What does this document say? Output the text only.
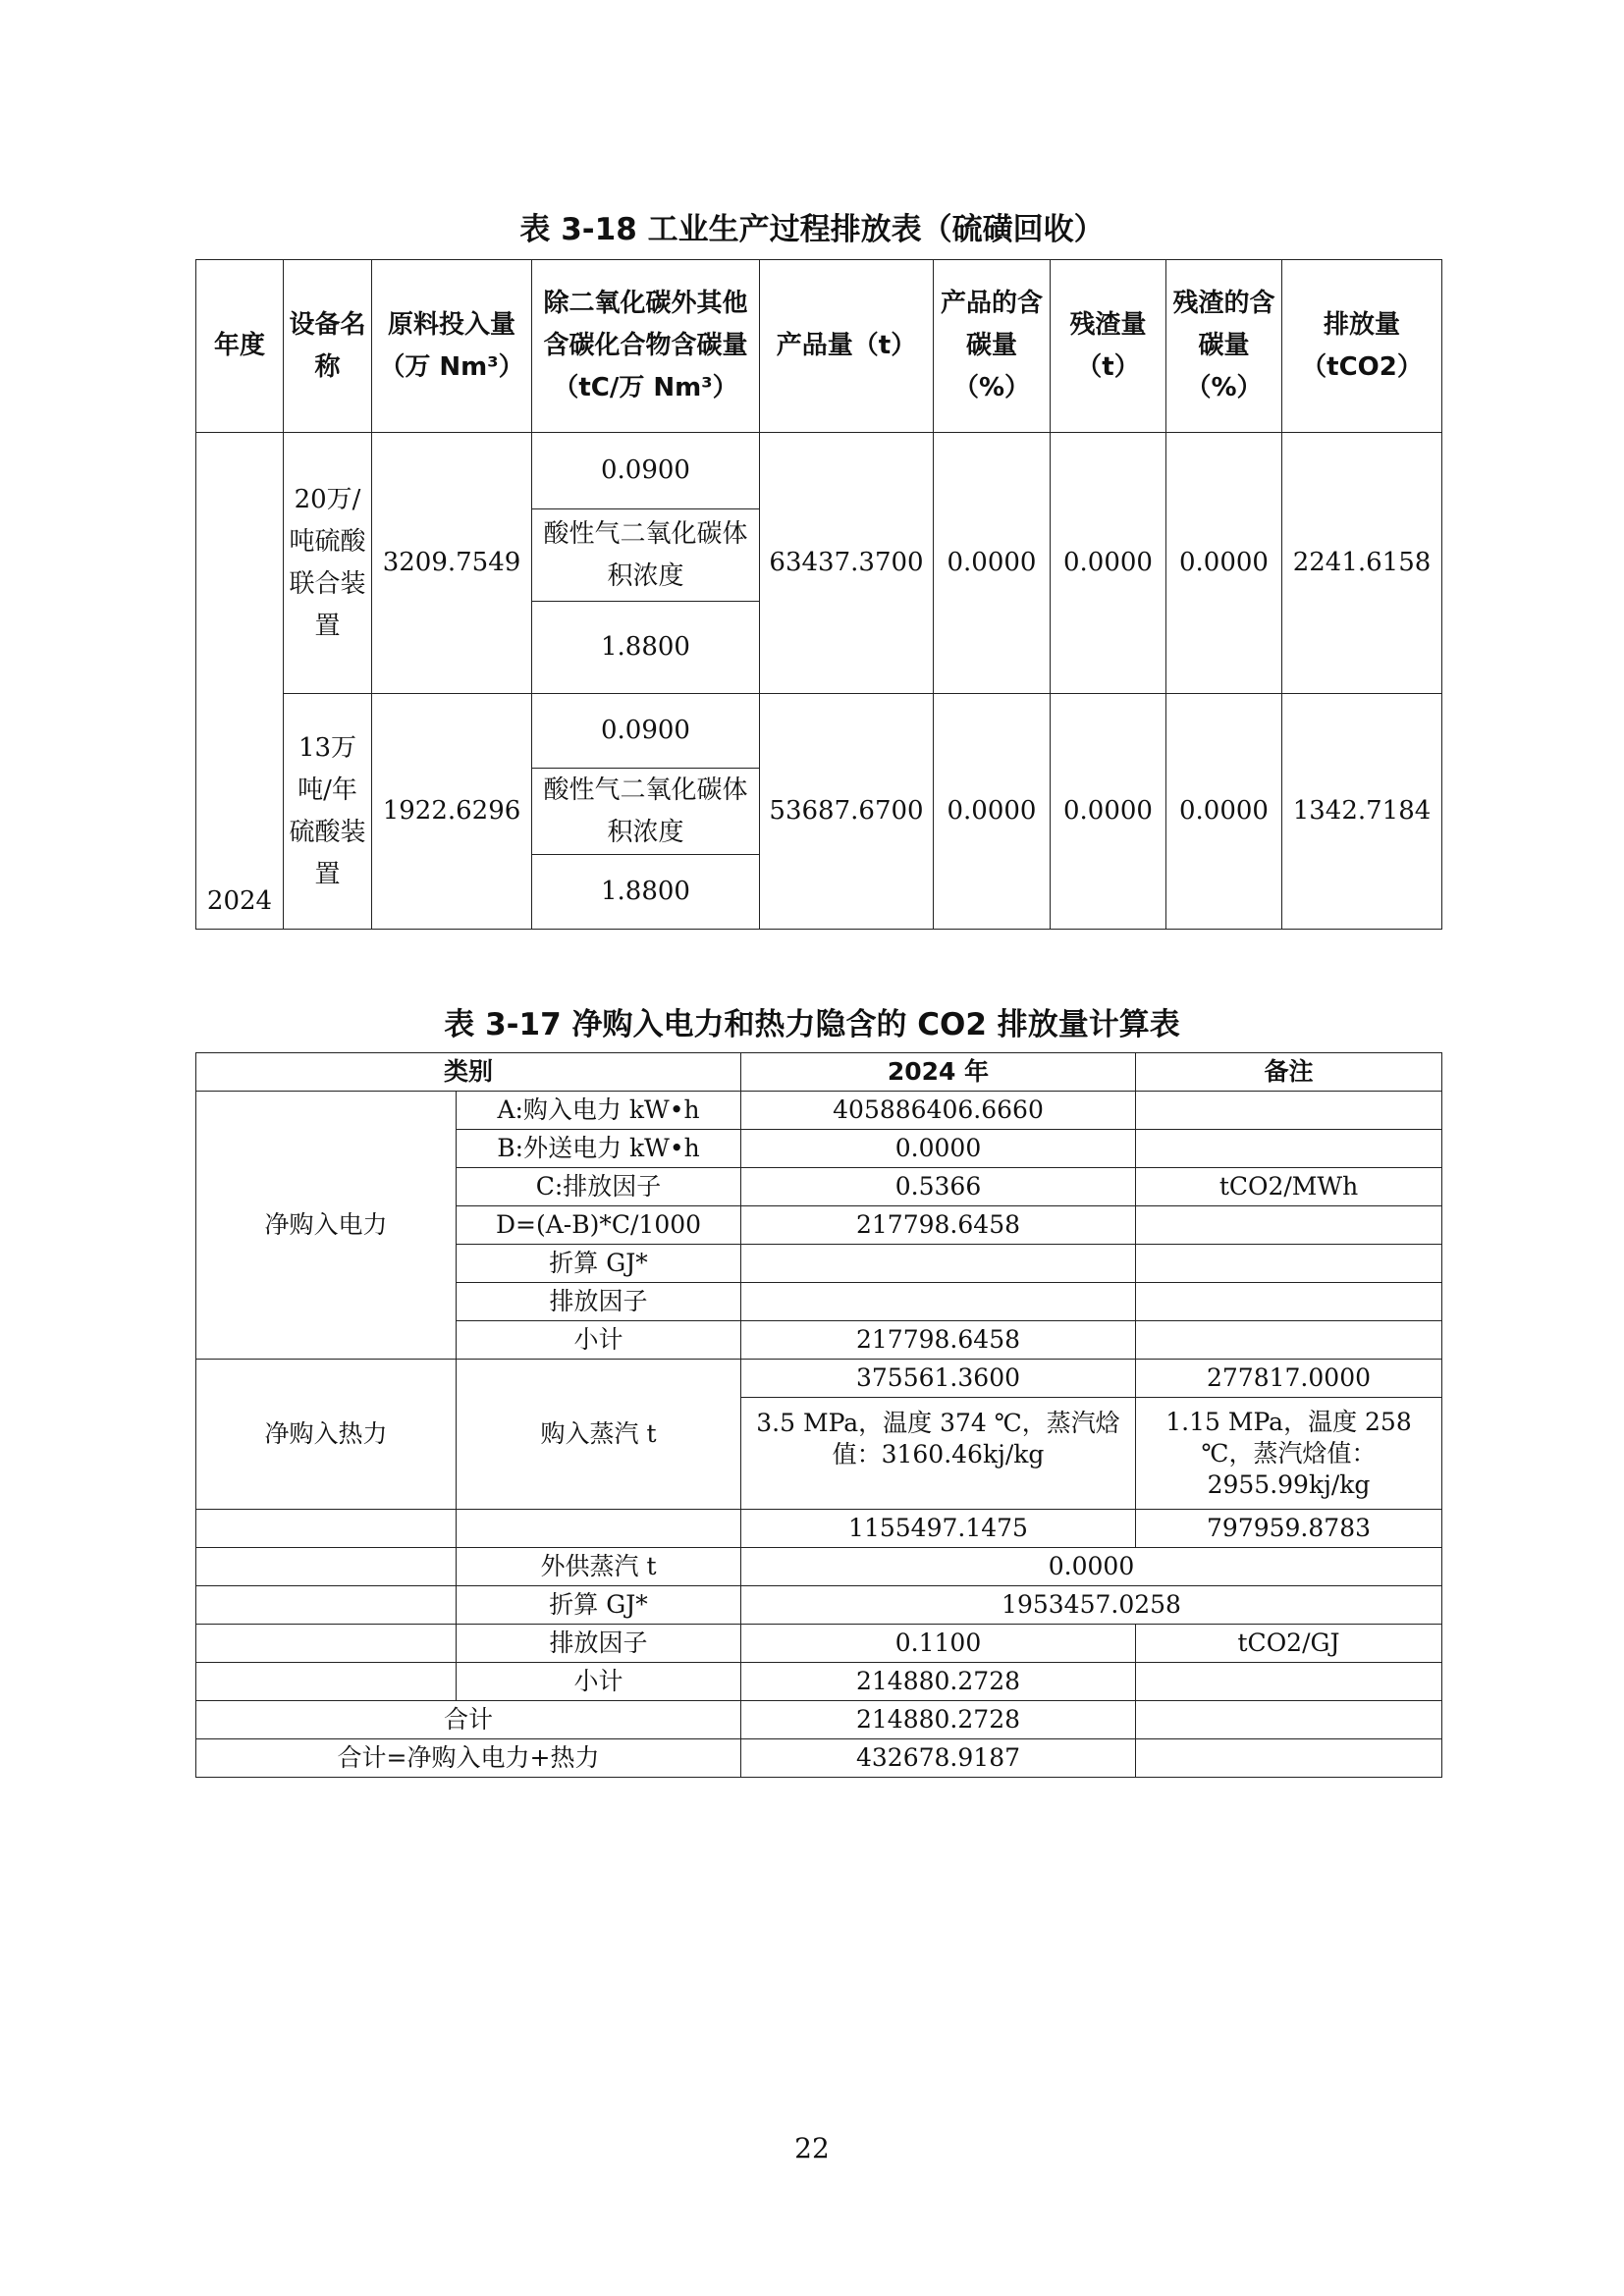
表 3-18 工业生产过程排放表（硫磺回收）
年度	设备名称	原料投入量（万 Nm³）	除二氧化碳外其他含碳化合物含碳量（tC/万 Nm³）	产品量（t）	产品的含碳量（%）	残渣量（t）	残渣的含碳量（%）	排放量（tCO2）
2024	20万/吨硫酸联合装置	3209.7549	0.0900	63437.3700	0.0000	0.0000	0.0000	2241.6158
			酸性气二氧化碳体积浓度					
			1.8800					
	13万吨/年硫酸装置	1922.6296	0.0900	53687.6700	0.0000	0.0000	0.0000	1342.7184
			酸性气二氧化碳体积浓度					
			1.8800					
表 3-17 净购入电力和热力隐含的 CO2 排放量计算表
类别		2024 年	备注
净购入电力	A:购入电力 kW•h	405886406.6660	
	B:外送电力 kW•h	0.0000	
	C:排放因子	0.5366	tCO2/MWh
	D=(A-B)*C/1000	217798.6458	
	折算 GJ*		
	排放因子		
	小计	217798.6458	
净购入热力	购入蒸汽 t	375561.3600	277817.0000
		3.5 MPa，温度 374 ℃，蒸汽焓值：3160.46kj/kg	1.15 MPa，温度 258 ℃，蒸汽焓值：2955.99kj/kg
		1155497.1475	797959.8783
	外供蒸汽 t	0.0000	
	折算 GJ*	1953457.0258	
	排放因子	0.1100	tCO2/GJ
	小计	214880.2728	
合计		214880.2728	
合计=净购入电力+热力		432678.9187	
22
